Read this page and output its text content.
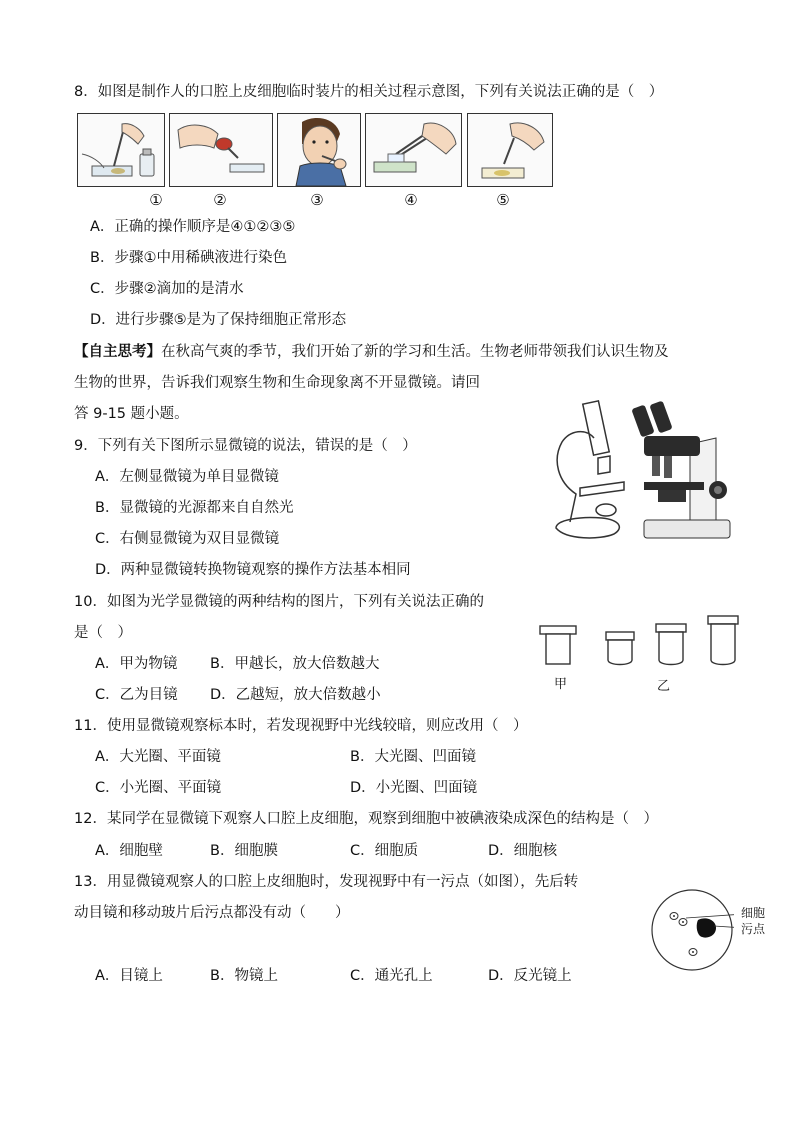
8．如图是制作人的口腔上皮细胞临时装片的相关过程示意图，下列有关说法正确的是（　）
①	②	③	④	⑤
A．正确的操作顺序是④①②③⑤
B．步骤①中用稀碘液进行染色
C．步骤②滴加的是清水
D．进行步骤⑤是为了保持细胞正常形态
【自主思考】在秋高气爽的季节，我们开始了新的学习和生活。生物老师带领我们认识生物及
生物的世界，告诉我们观察生物和生命现象离不开显微镜。请回
答 9-15 题小题。
9．下列有关下图所示显微镜的说法，错误的是（　）
A．左侧显微镜为单目显微镜
B．显微镜的光源都来自自然光
C．右侧显微镜为双目显微镜
D．两种显微镜转换物镜观察的操作方法基本相同
10．如图为光学显微镜的两种结构的图片，下列有关说法正确的
是（　）
A．甲为物镜 B．甲越长，放大倍数越大
C．乙为目镜 D．乙越短，放大倍数越小
甲	乙
11．使用显微镜观察标本时，若发现视野中光线较暗，则应改用（　）
A．大光圈、平面镜	B．大光圈、凹面镜
C．小光圈、平面镜	D．小光圈、凹面镜
12．某同学在显微镜下观察人口腔上皮细胞，观察到细胞中被碘液染成深色的结构是（　）
A．细胞壁	B．细胞膜	C．细胞质	D．细胞核
13．用显微镜观察人的口腔上皮细胞时，发现视野中有一污点（如图），先后转
动目镜和移动玻片后污点都没有动（　　）
A．目镜上	B．物镜上	C．通光孔上	D．反光镜上
细胞
污点
